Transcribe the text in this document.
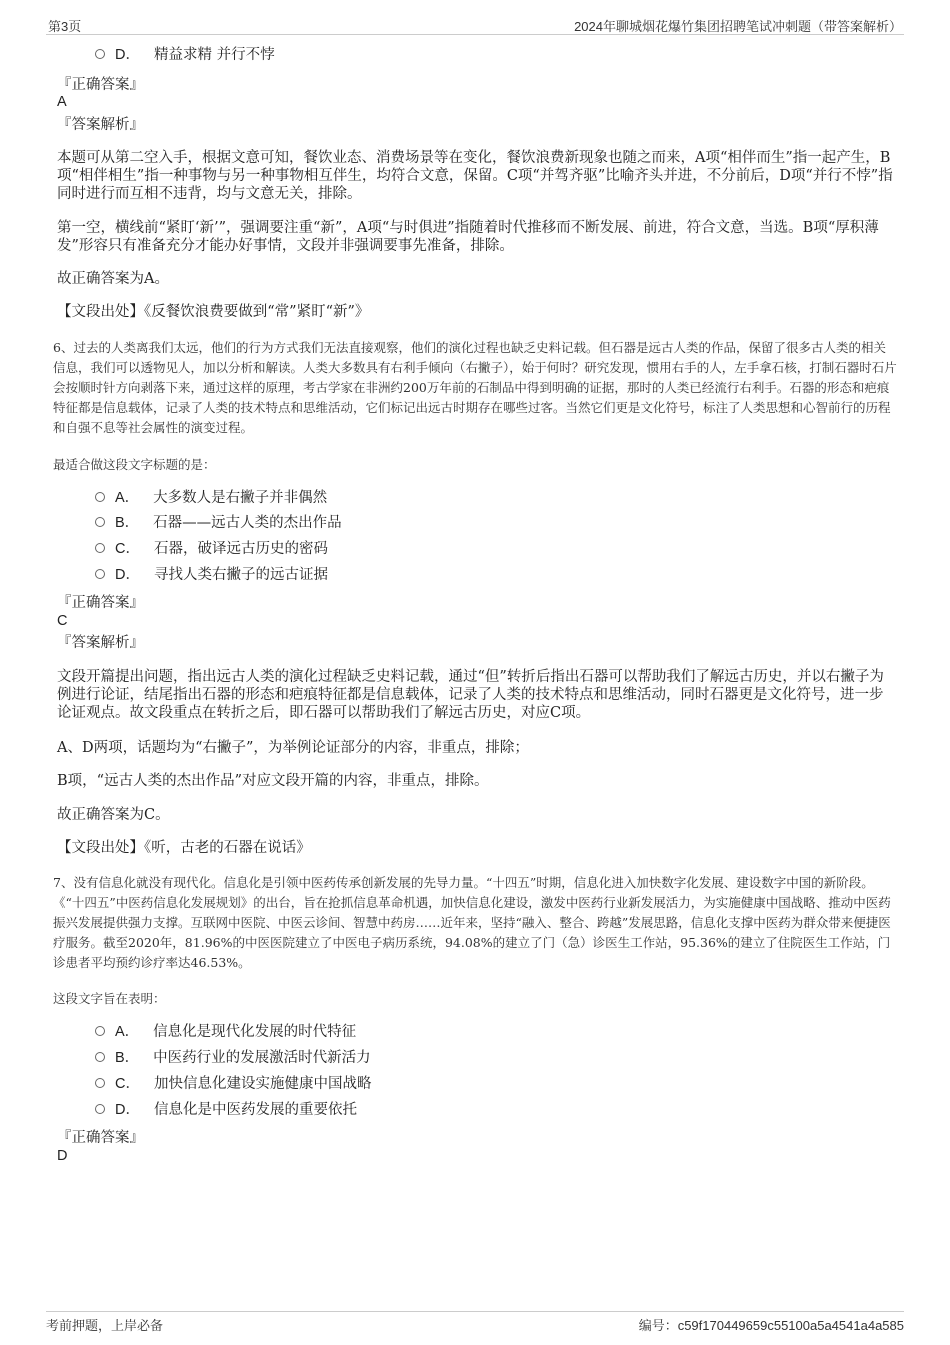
第3页	2024年聊城烟花爆竹集团招聘笔试冲刺题（带答案解析）
D． 精益求精 并行不悖
『正确答案』
A
『答案解析』
本题可从第二空入手，根据文意可知，餐饮业态、消费场景等在变化，餐饮浪费新现象也随之而来，A项“相伴而生”指一起产生，B项“相伴相生”指一种事物与另一种事物相互伴生，均符合文意，保留。C项“并驾齐驱”比喻齐头并进，不分前后，D项“并行不悖”指同时进行而互相不违背，均与文意无关，排除。
第一空，横线前“紧盯‘新’”，强调要注重“新”，A项“与时俱进”指随着时代推移而不断发展、前进，符合文意，当选。B项“厚积薄发”形容只有准备充分才能办好事情，文段并非强调要事先准备，排除。
故正确答案为A。
【文段出处】《反餐饮浪费要做到“常”紧盯“新”》
6、过去的人类离我们太远，他们的行为方式我们无法直接观察，他们的演化过程也缺乏史料记载。但石器是远古人类的作品，保留了很多古人类的相关信息，我们可以透物见人，加以分析和解读。人类大多数具有右利手倾向（右撇子），始于何时？研究发现，惯用右手的人，左手拿石核，打制石器时石片会按顺时针方向剥落下来，通过这样的原理，考古学家在非洲约200万年前的石制品中得到明确的证据，那时的人类已经流行右利手。石器的形态和疤痕特征都是信息载体，记录了人类的技术特点和思维活动，它们标记出远古时期存在哪些过客。当然它们更是文化符号，标注了人类思想和心智前行的历程和自强不息等社会属性的演变过程。
最适合做这段文字标题的是：
A． 大多数人是右撇子并非偶然
B． 石器——远古人类的杰出作品
C． 石器，破译远古历史的密码
D． 寻找人类右撇子的远古证据
『正确答案』
C
『答案解析』
文段开篇提出问题，指出远古人类的演化过程缺乏史料记载，通过“但”转折后指出石器可以帮助我们了解远古历史，并以右撇子为例进行论证，结尾指出石器的形态和疤痕特征都是信息载体，记录了人类的技术特点和思维活动，同时石器更是文化符号，进一步论证观点。故文段重点在转折之后，即石器可以帮助我们了解远古历史，对应C项。
A、D两项，话题均为“右撇子”，为举例论证部分的内容，非重点，排除；
B项，“远古人类的杰出作品”对应文段开篇的内容，非重点，排除。
故正确答案为C。
【文段出处】《听，古老的石器在说话》
7、没有信息化就没有现代化。信息化是引领中医药传承创新发展的先导力量。“十四五”时期，信息化进入加快数字化发展、建设数字中国的新阶段。《“十四五”中医药信息化发展规划》的出台，旨在抢抓信息革命机遇，加快信息化建设，激发中医药行业新发展活力，为实施健康中国战略、推动中医药振兴发展提供强力支撑。互联网中医院、中医云诊间、智慧中药房……近年来，坚持“融入、整合、跨越”发展思路，信息化支撑中医药为群众带来便捷医疗服务。截至2020年，81.96%的中医医院建立了中医电子病历系统，94.08%的建立了门（急）诊医生工作站，95.36%的建立了住院医生工作站，门诊患者平均预约诊疗率达46.53%。
这段文字旨在表明：
A． 信息化是现代化发展的时代特征
B． 中医药行业的发展激活时代新活力
C． 加快信息化建设实施健康中国战略
D． 信息化是中医药发展的重要依托
『正确答案』
D
考前押题，上岸必备	编号：c59f170449659c55100a5a4541a4a585
